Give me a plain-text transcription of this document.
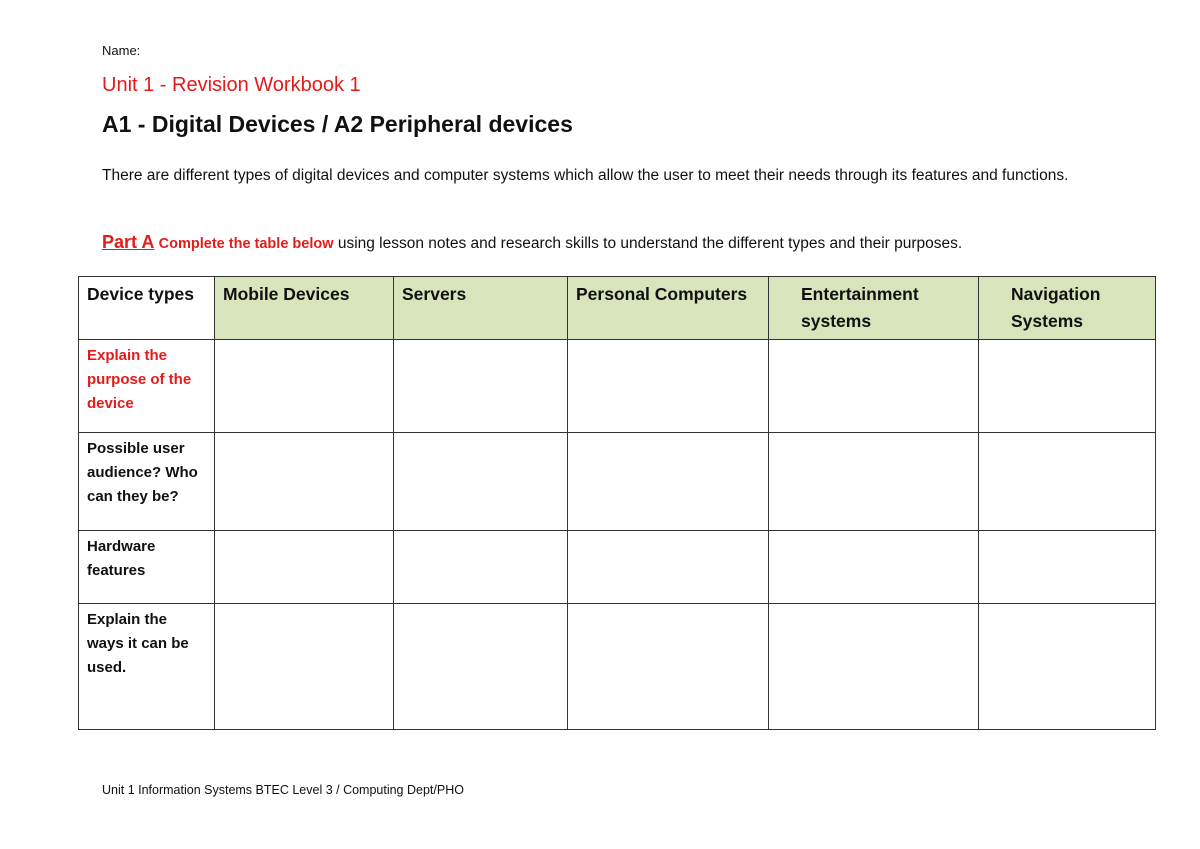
Name:
Unit 1 - Revision Workbook 1
A1 - Digital Devices / A2 Peripheral devices
There are different types of digital devices and computer systems which allow the user to meet their needs through its features and functions.
Part A Complete the table below using lesson notes and research skills to understand the different types and their purposes.
Device types	Mobile Devices	Servers	Personal Computers	Entertainment systems	Navigation Systems
Explain the purpose of the device					
Possible user audience? Who can they be?					
Hardware features					
Explain the ways it can be used.					
Unit 1 Information Systems BTEC Level 3 / Computing Dept/PHO
